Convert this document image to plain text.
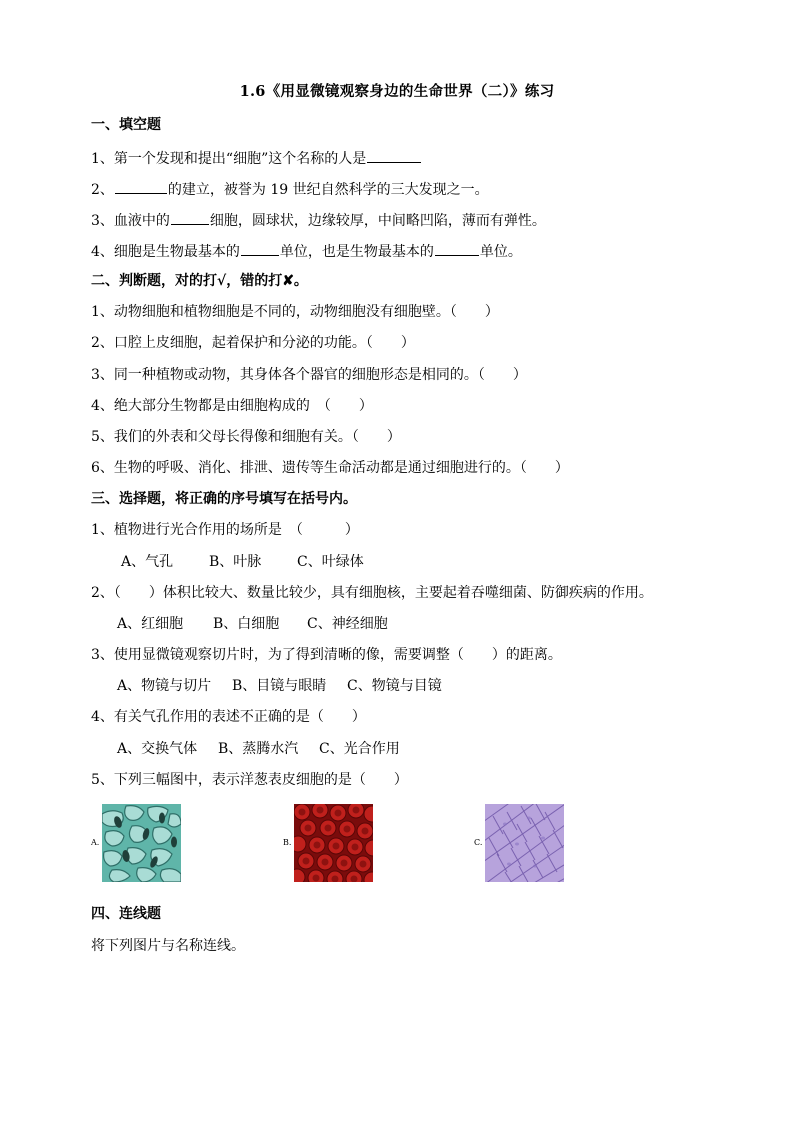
1.6《用显微镜观察身边的生命世界（二）》练习
一、填空题
1、第一个发现和提出“细胞”这个名称的人是
2、	的建立，被誉为 19 世纪自然科学的三大发现之一。
3、血液中的	细胞，圆球状，边缘较厚，中间略凹陷，薄而有弹性。
4、细胞是生物最基本的	单位，也是生物最基本的	单位。
二、判断题，对的打√，错的打✘。
1、动物细胞和植物细胞是不同的，动物细胞没有细胞壁。（　　）
2、口腔上皮细胞，起着保护和分泌的功能。（　　）
3、同一种植物或动物，其身体各个器官的细胞形态是相同的。（　　）
4、绝大部分生物都是由细胞构成的　（　　）
5、我们的外表和父母长得像和细胞有关。（　　）
6、生物的呼吸、消化、排泄、遗传等生命活动都是通过细胞进行的。（　　）
三、选择题，将正确的序号填写在括号内。
1、植物进行光合作用的场所是　（　　　）
A、气孔	B、叶脉	C、叶绿体
2、（　　）体积比较大、数量比较少，具有细胞核，主要起着吞噬细菌、防御疾病的作用。
A、红细胞 B、白细胞 C、神经细胞
3、使用显微镜观察切片时，为了得到清晰的像，需要调整（　　）的距离。
A、物镜与切片 B、目镜与眼睛 C、物镜与目镜
4、有关气孔作用的表述不正确的是（　　）
A、交换气体 B、蒸腾水汽 C、光合作用
5、下列三幅图中，表示洋葱表皮细胞的是（　　）
A.	B.	C.
四、连线题
将下列图片与名称连线。
